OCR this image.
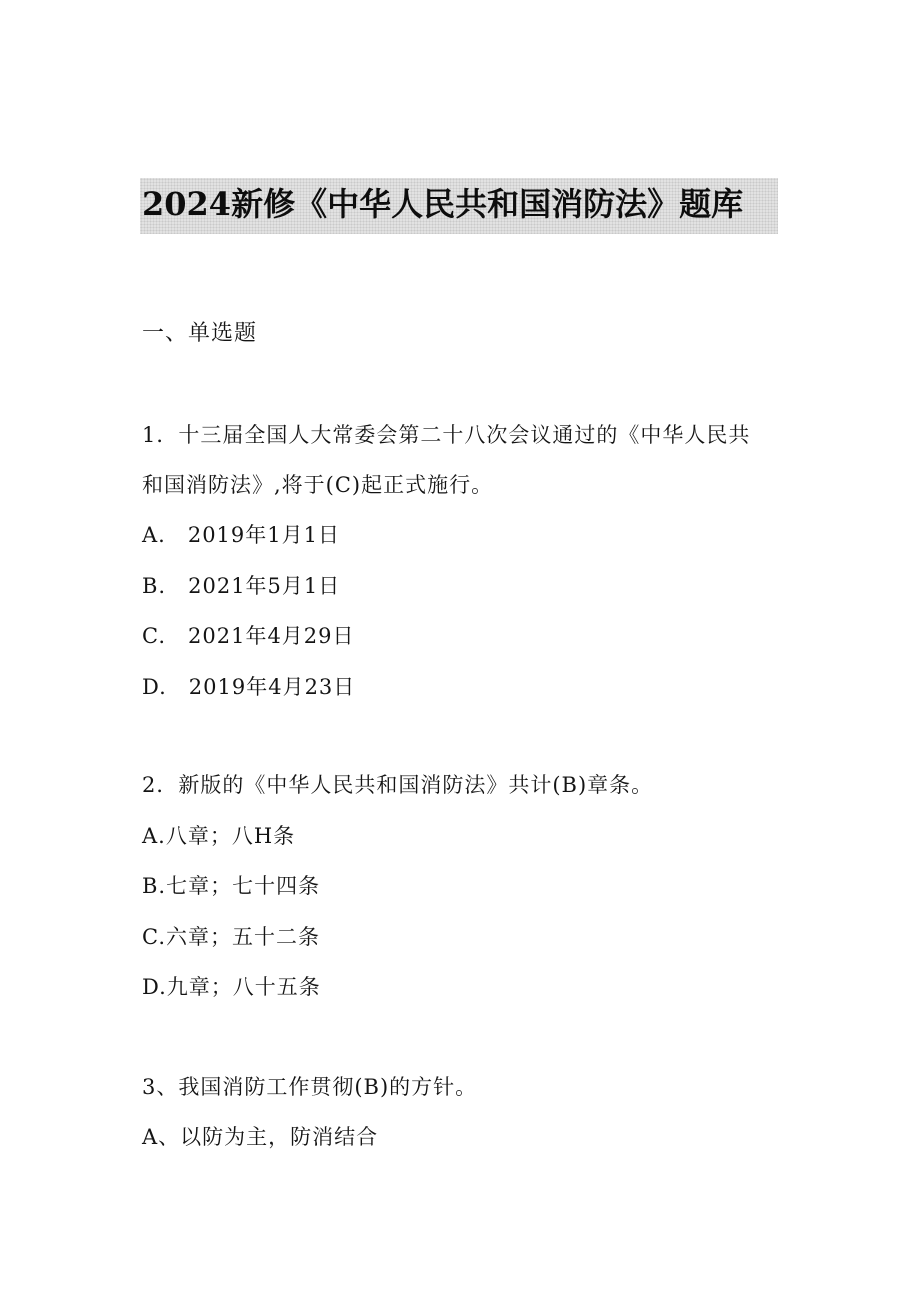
2024新修《中华人民共和国消防法》题库
一、单选题
1．十三届全国人大常委会第二十八次会议通过的《中华人民共
和国消防法》,将于(C)起正式施行。
A.　2019年1月1日
B.　2021年5月1日
C.　2021年4月29日
D.　2019年4月23日
2．新版的《中华人民共和国消防法》共计(B)章条。
A.八章；八H条
B.七章；七十四条
C.六章；五十二条
D.九章；八十五条
3、我国消防工作贯彻(B)的方针。
A、以防为主，防消结合
